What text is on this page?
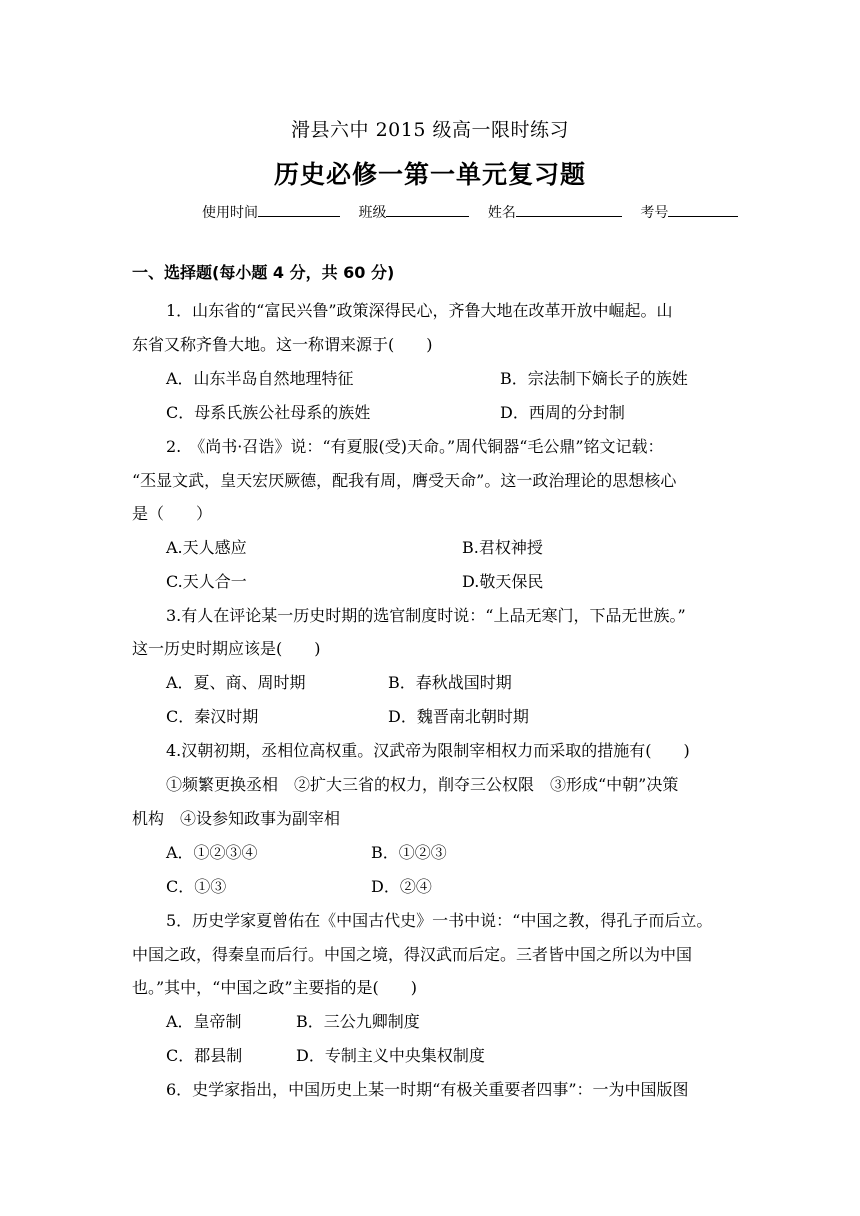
滑县六中 2015 级高一限时练习
历史必修一第一单元复习题
使用时间	班级	姓名	考号
一、选择题(每小题 4 分，共 60 分)
1．山东省的“富民兴鲁”政策深得民心，齐鲁大地在改革开放中崛起。山
东省又称齐鲁大地。这一称谓来源于(　　)
A．山东半岛自然地理特征	B．宗法制下嫡长子的族姓
C．母系氏族公社母系的族姓	D．西周的分封制
2.　《尚书·召诰》说：“有夏服(受)天命。”周代铜器“毛公鼎”铭文记载：
“丕显文武，皇天宏厌厥德，配我有周，膺受天命”。这一政治理论的思想核心
是（　　）
A.天人感应	B.君权神授
C.天人合一	D.敬天保民
3.有人在评论某一历史时期的选官制度时说：“上品无寒门，下品无世族。”
这一历史时期应该是(　　)
A．夏、商、周时期	B．春秋战国时期
C．秦汉时期	D．魏晋南北朝时期
4.汉朝初期，丞相位高权重。汉武帝为限制宰相权力而采取的措施有(　　)
①频繁更换丞相　②扩大三省的权力，削夺三公权限　③形成“中朝”决策
机构　④设参知政事为副宰相
A．①②③④	B．①②③
C．①③	D．②④
5．历史学家夏曾佑在《中国古代史》一书中说：“中国之教，得孔子而后立。
中国之政，得秦皇而后行。中国之境，得汉武而后定。三者皆中国之所以为中国
也。”其中，“中国之政”主要指的是(　　)
A．皇帝制	B．三公九卿制度
C．郡县制	D．专制主义中央集权制度
6．史学家指出，中国历史上某一时期“有极关重要者四事”：一为中国版图
